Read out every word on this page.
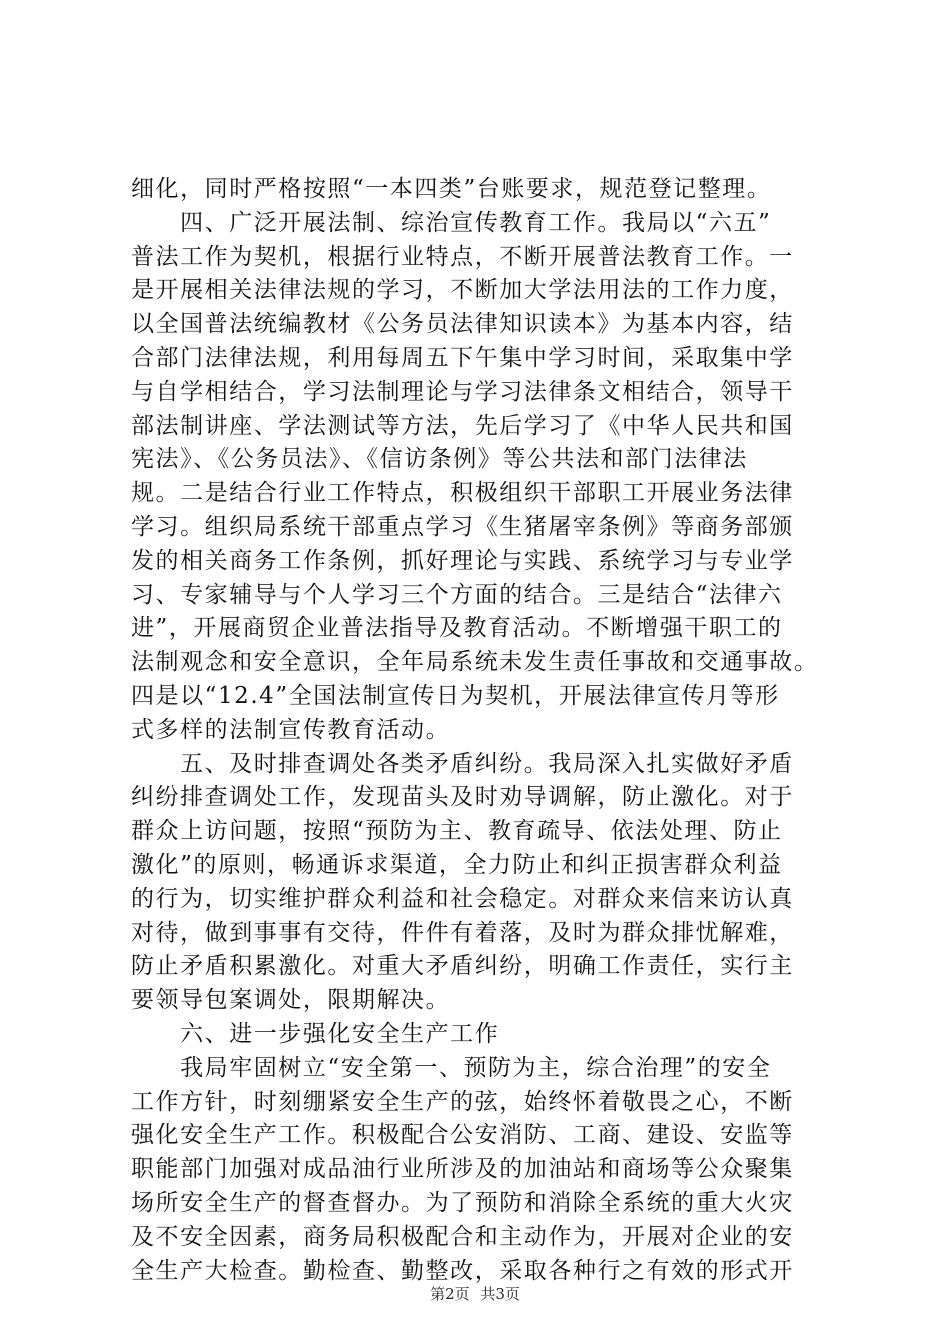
细化，同时严格按照“一本四类”台账要求，规范登记整理。
　　四、广泛开展法制、综治宣传教育工作。我局以“六五”
普法工作为契机，根据行业特点，不断开展普法教育工作。一
是开展相关法律法规的学习，不断加大学法用法的工作力度，
以全国普法统编教材《公务员法律知识读本》为基本内容，结
合部门法律法规，利用每周五下午集中学习时间，采取集中学
与自学相结合，学习法制理论与学习法律条文相结合，领导干
部法制讲座、学法测试等方法，先后学习了《中华人民共和国
宪法》、《公务员法》、《信访条例》等公共法和部门法律法
规。二是结合行业工作特点，积极组织干部职工开展业务法律
学习。组织局系统干部重点学习《生猪屠宰条例》等商务部颁
发的相关商务工作条例，抓好理论与实践、系统学习与专业学
习、专家辅导与个人学习三个方面的结合。三是结合“法律六
进”，开展商贸企业普法指导及教育活动。不断增强干职工的
法制观念和安全意识，全年局系统未发生责任事故和交通事故。
四是以“12.4”全国法制宣传日为契机，开展法律宣传月等形
式多样的法制宣传教育活动。
　　五、及时排查调处各类矛盾纠纷。我局深入扎实做好矛盾
纠纷排查调处工作，发现苗头及时劝导调解，防止激化。对于
群众上访问题，按照“预防为主、教育疏导、依法处理、防止
激化”的原则，畅通诉求渠道，全力防止和纠正损害群众利益
的行为，切实维护群众利益和社会稳定。对群众来信来访认真
对待，做到事事有交待，件件有着落，及时为群众排忧解难，
防止矛盾积累激化。对重大矛盾纠纷，明确工作责任，实行主
要领导包案调处，限期解决。
　　六、进一步强化安全生产工作
　　我局牢固树立“安全第一、预防为主，综合治理”的安全
工作方针，时刻绷紧安全生产的弦，始终怀着敬畏之心，不断
强化安全生产工作。积极配合公安消防、工商、建设、安监等
职能部门加强对成品油行业所涉及的加油站和商场等公众聚集
场所安全生产的督查督办。为了预防和消除全系统的重大火灾
及不安全因素，商务局积极配合和主动作为，开展对企业的安
全生产大检查。勤检查、勤整改，采取各种行之有效的形式开
第2页 共3页
